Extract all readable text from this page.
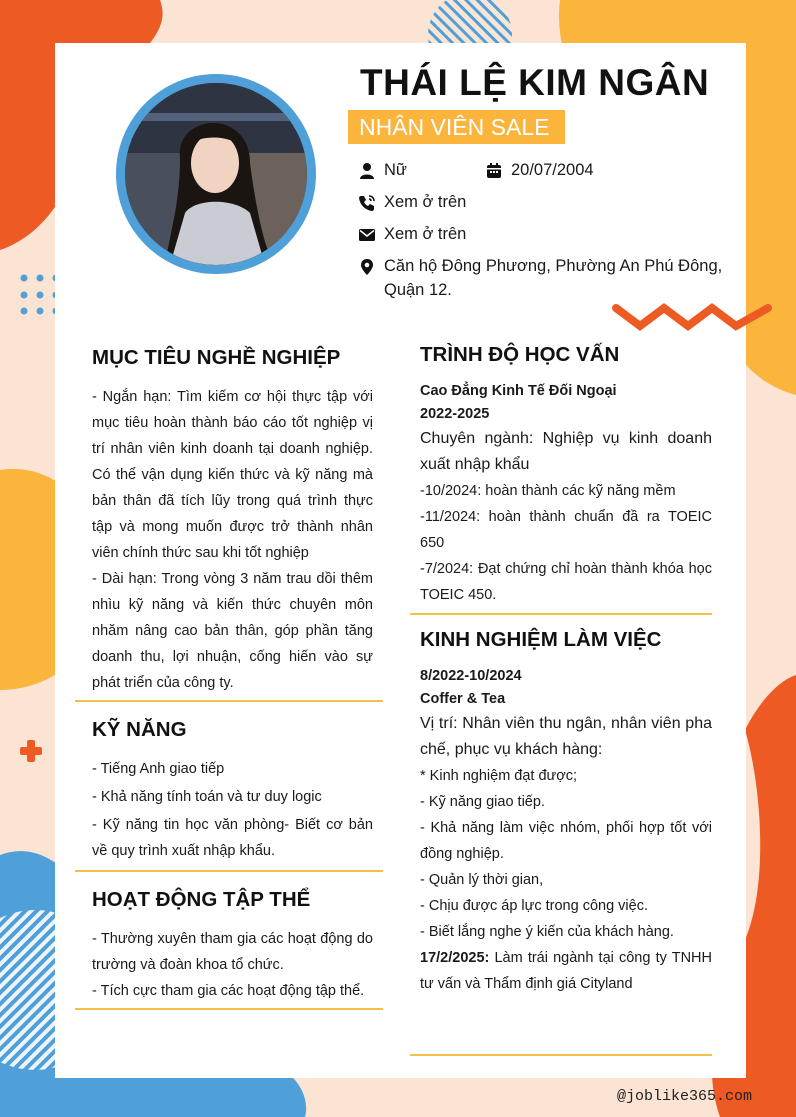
THÁI LỆ KIM NGÂN
NHÂN VIÊN SALE
Nữ	20/07/2004
Xem ở trên
Xem ở trên
Căn hộ Đông Phương, Phường An Phú Đông,
Quận 12.
MỤC TIÊU NGHỀ NGHIỆP

- Ngắn hạn: Tìm kiếm cơ hội thực tập với mục tiêu hoàn thành báo cáo tốt nghiệp vị trí nhân viên kinh doanh tại doanh nghiệp. Có thể vận dụng kiến thức và kỹ năng mà bản thân đã tích lũy trong quá trình thực tập và mong muốn được trở thành nhân viên chính thức sau khi tốt nghiệp

- Dài hạn: Trong vòng 3 năm trau dồi thêm nhìu kỹ năng và kiến thức chuyên môn nhăm nâng cao bản thân, góp phần tăng doanh thu, lợi nhuận, cống hiến vào sự phát triển của công ty.

KỸ NĂNG

- Tiếng Anh giao tiếp

- Khả năng tính toán và tư duy logic

- Kỹ năng tin học văn phòng- Biết cơ bản về quy trình xuất nhập khẩu.

HOẠT ĐỘNG TẬP THỂ

- Thường xuyên tham gia các hoạt động do trường và đoàn khoa tổ chức.

- Tích cực tham gia các hoạt động tập thể.

TRÌNH ĐỘ HỌC VẤN
Cao Đẳng Kinh Tế Đối Ngoại
2022-2025
Chuyên ngành: Nghiệp vụ kinh doanh xuất nhập khẩu

-10/2024: hoàn thành các kỹ năng mềm

-11/2024: hoàn thành chuẩn đầ ra TOEIC 650

-7/2024: Đạt chứng chỉ hoàn thành khóa học TOEIC 450.

KINH NGHIỆM LÀM VIỆC
8/2022-10/2024
Coffer & Tea
Vị trí: Nhân viên thu ngân, nhân viên pha chế, phục vụ khách hàng:

* Kinh nghiệm đạt được;

- Kỹ năng giao tiếp.

- Khả năng làm việc nhóm, phối hợp tốt với đồng nghiệp.

- Quản lý thời gian,

- Chịu được áp lực trong công việc.

- Biết lắng nghe ý kiến của khách hàng.

17/2/2025: Làm trái ngành tại công ty TNHH tư vấn và Thẩm định giá Cityland

@joblike365.com
